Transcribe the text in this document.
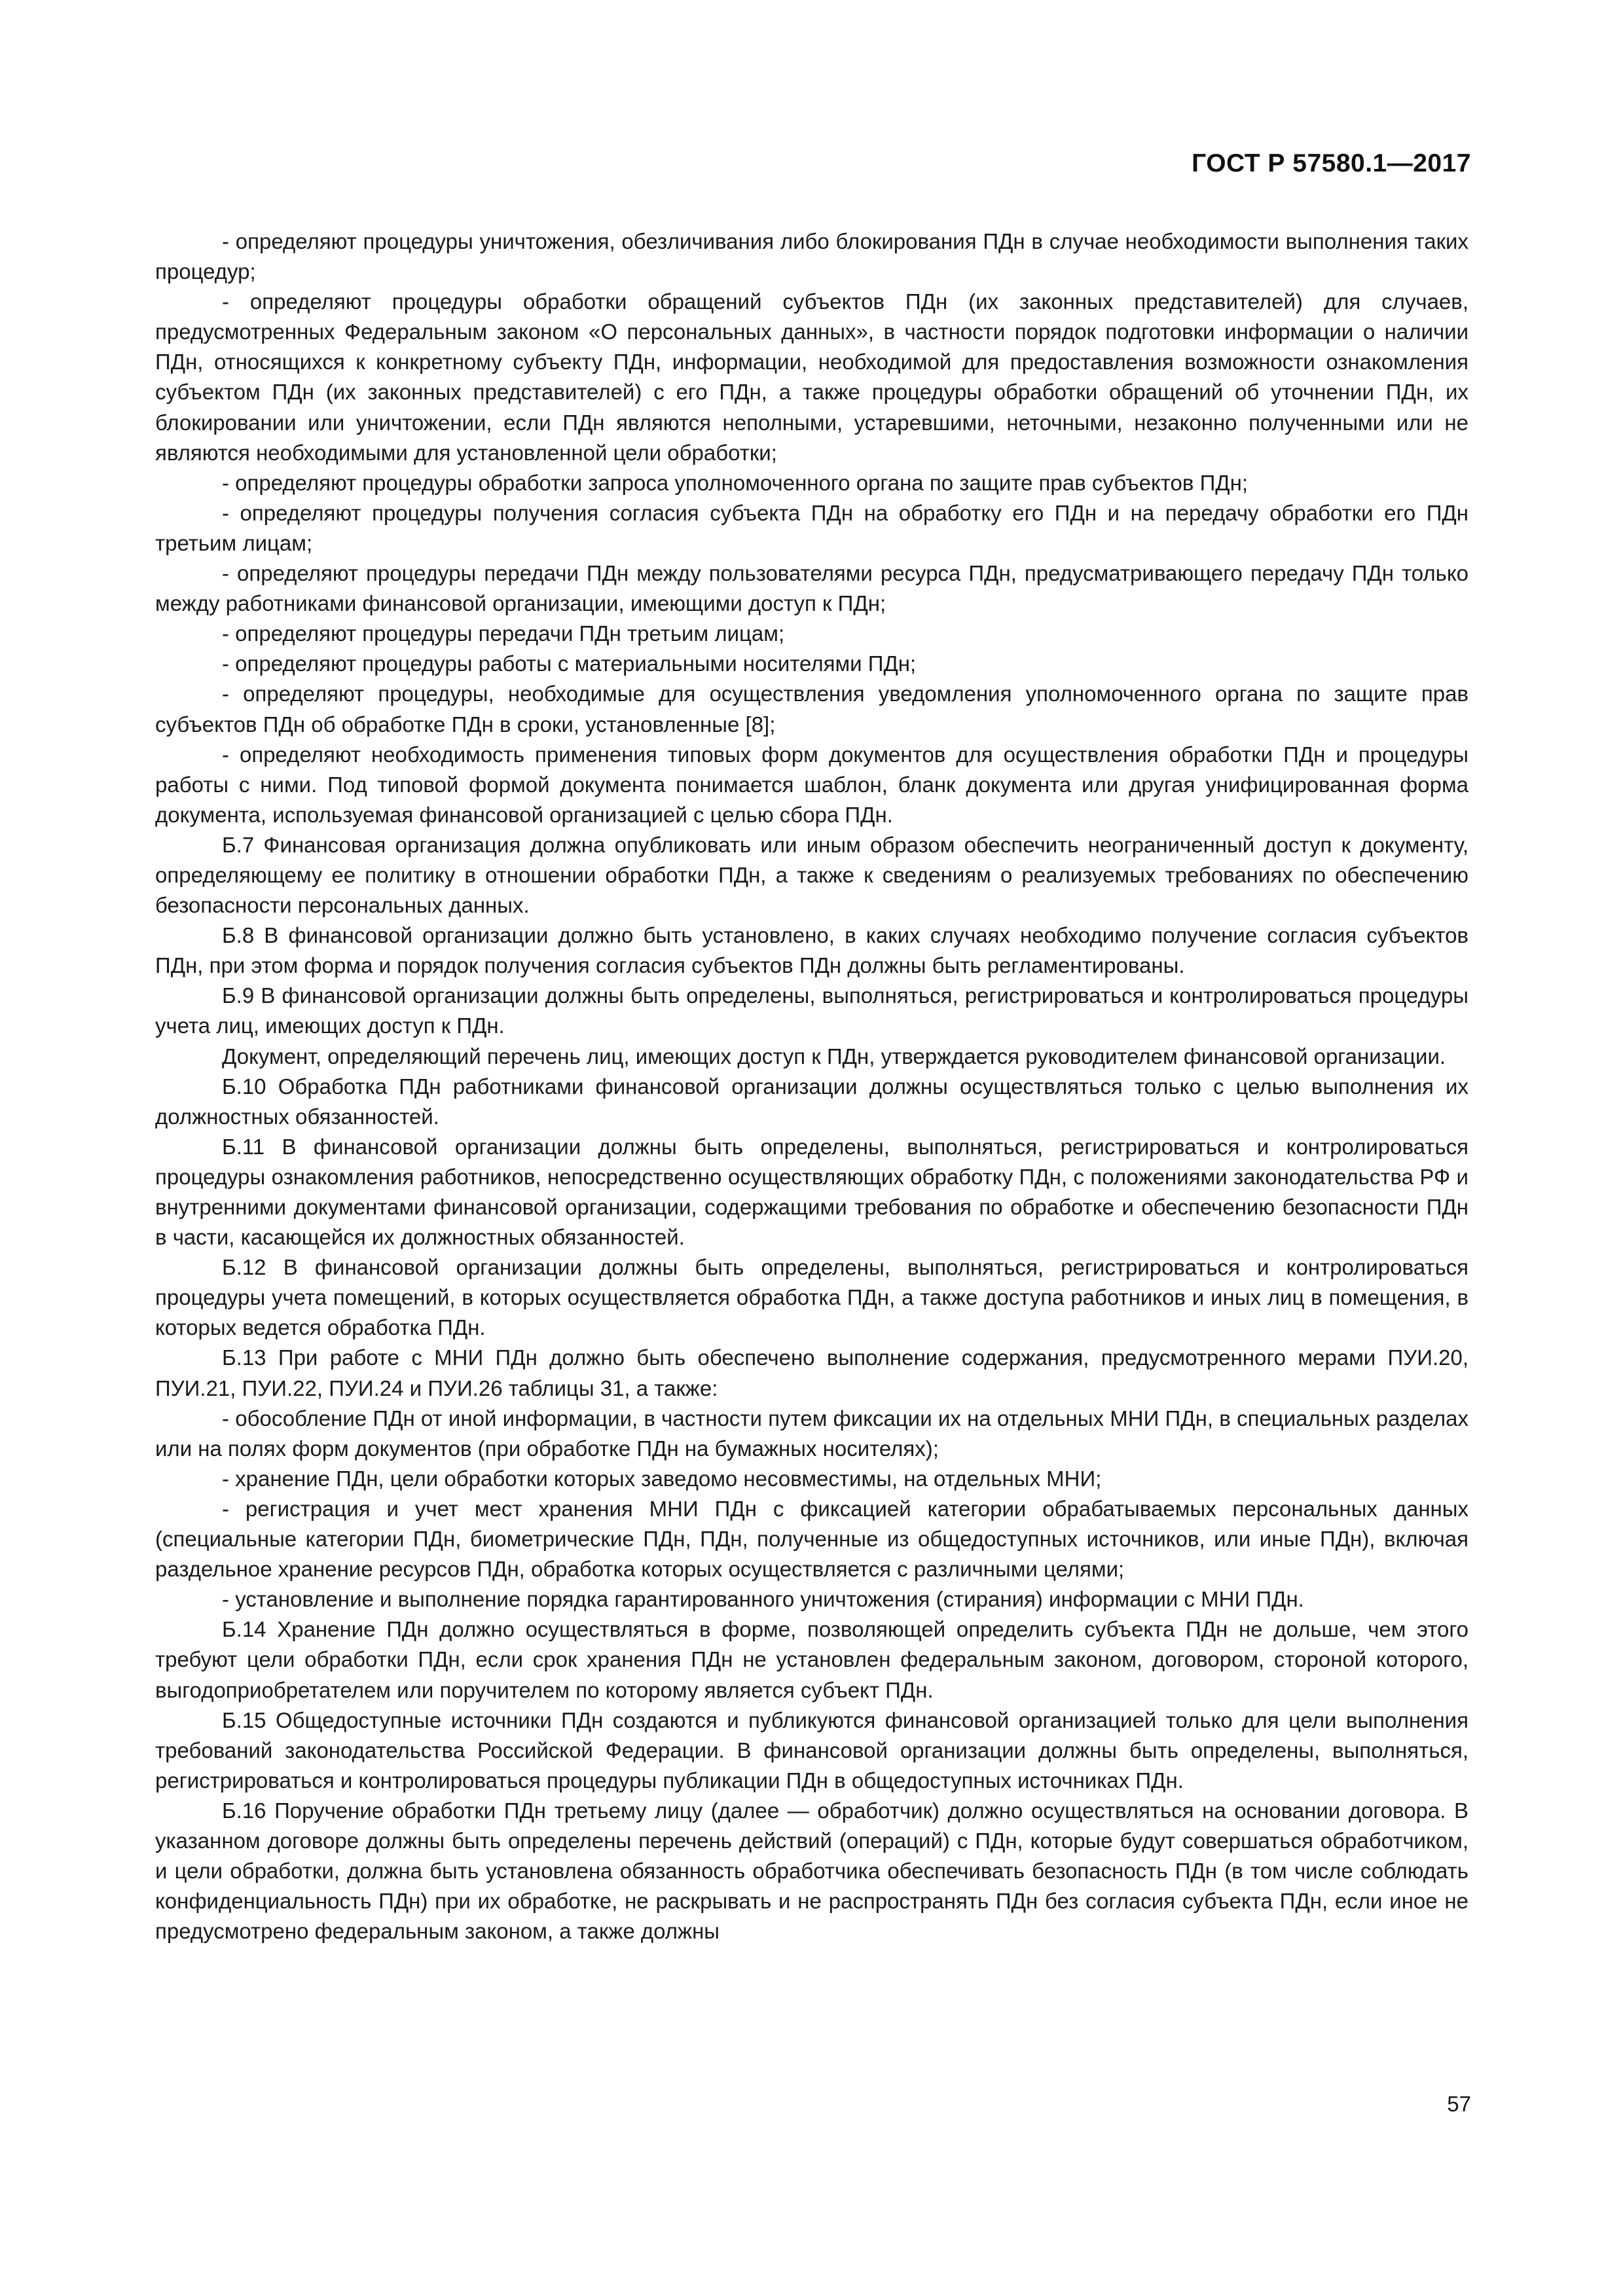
ГОСТ Р 57580.1—2017

- определяют процедуры уничтожения, обезличивания либо блокирования ПДн в случае необходимости выполнения таких процедур;

- определяют процедуры обработки обращений субъектов ПДн (их законных представителей) для случаев, предусмотренных Федеральным законом «О персональных данных», в частности порядок подготовки информации о наличии ПДн, относящихся к конкретному субъекту ПДн, информации, необходимой для предоставления возможности ознакомления субъектом ПДн (их законных представителей) с его ПДн, а также процедуры обработки обращений об уточнении ПДн, их блокировании или уничтожении, если ПДн являются неполными, устаревшими, неточными, незаконно полученными или не являются необходимыми для установленной цели обработки;

- определяют процедуры обработки запроса уполномоченного органа по защите прав субъектов ПДн;

- определяют процедуры получения согласия субъекта ПДн на обработку его ПДн и на передачу обработки его ПДн третьим лицам;

- определяют процедуры передачи ПДн между пользователями ресурса ПДн, предусматривающего передачу ПДн только между работниками финансовой организации, имеющими доступ к ПДн;

- определяют процедуры передачи ПДн третьим лицам;

- определяют процедуры работы с материальными носителями ПДн;

- определяют процедуры, необходимые для осуществления уведомления уполномоченного органа по защите прав субъектов ПДн об обработке ПДн в сроки, установленные [8];

- определяют необходимость применения типовых форм документов для осуществления обработки ПДн и процедуры работы с ними. Под типовой формой документа понимается шаблон, бланк документа или другая унифицированная форма документа, используемая финансовой организацией с целью сбора ПДн.

Б.7 Финансовая организация должна опубликовать или иным образом обеспечить неограниченный доступ к документу, определяющему ее политику в отношении обработки ПДн, а также к сведениям о реализуемых требованиях по обеспечению безопасности персональных данных.

Б.8 В финансовой организации должно быть установлено, в каких случаях необходимо получение согласия субъектов ПДн, при этом форма и порядок получения согласия субъектов ПДн должны быть регламентированы.

Б.9 В финансовой организации должны быть определены, выполняться, регистрироваться и контролироваться процедуры учета лиц, имеющих доступ к ПДн.

Документ, определяющий перечень лиц, имеющих доступ к ПДн, утверждается руководителем финансовой организации.

Б.10 Обработка ПДн работниками финансовой организации должны осуществляться только с целью выполнения их должностных обязанностей.

Б.11 В финансовой организации должны быть определены, выполняться, регистрироваться и контролироваться процедуры ознакомления работников, непосредственно осуществляющих обработку ПДн, с положениями законодательства РФ и внутренними документами финансовой организации, содержащими требования по обработке и обеспечению безопасности ПДн в части, касающейся их должностных обязанностей.

Б.12 В финансовой организации должны быть определены, выполняться, регистрироваться и контролироваться процедуры учета помещений, в которых осуществляется обработка ПДн, а также доступа работников и иных лиц в помещения, в которых ведется обработка ПДн.

Б.13 При работе с МНИ ПДн должно быть обеспечено выполнение содержания, предусмотренного мерами ПУИ.20, ПУИ.21, ПУИ.22, ПУИ.24 и ПУИ.26 таблицы 31, а также:

- обособление ПДн от иной информации, в частности путем фиксации их на отдельных МНИ ПДн, в специальных разделах или на полях форм документов (при обработке ПДн на бумажных носителях);

- хранение ПДн, цели обработки которых заведомо несовместимы, на отдельных МНИ;

- регистрация и учет мест хранения МНИ ПДн с фиксацией категории обрабатываемых персональных данных (специальные категории ПДн, биометрические ПДн, ПДн, полученные из общедоступных источников, или иные ПДн), включая раздельное хранение ресурсов ПДн, обработка которых осуществляется с различными целями;

- установление и выполнение порядка гарантированного уничтожения (стирания) информации с МНИ ПДн.

Б.14 Хранение ПДн должно осуществляться в форме, позволяющей определить субъекта ПДн не дольше, чем этого требуют цели обработки ПДн, если срок хранения ПДн не установлен федеральным законом, договором, стороной которого, выгодоприобретателем или поручителем по которому является субъект ПДн.

Б.15 Общедоступные источники ПДн создаются и публикуются финансовой организацией только для цели выполнения требований законодательства Российской Федерации. В финансовой организации должны быть определены, выполняться, регистрироваться и контролироваться процедуры публикации ПДн в общедоступных источниках ПДн.

Б.16 Поручение обработки ПДн третьему лицу (далее — обработчик) должно осуществляться на основании договора. В указанном договоре должны быть определены перечень действий (операций) с ПДн, которые будут совершаться обработчиком, и цели обработки, должна быть установлена обязанность обработчика обеспечивать безопасность ПДн (в том числе соблюдать конфиденциальность ПДн) при их обработке, не раскрывать и не распространять ПДн без согласия субъекта ПДн, если иное не предусмотрено федеральным законом, а также должны

57
